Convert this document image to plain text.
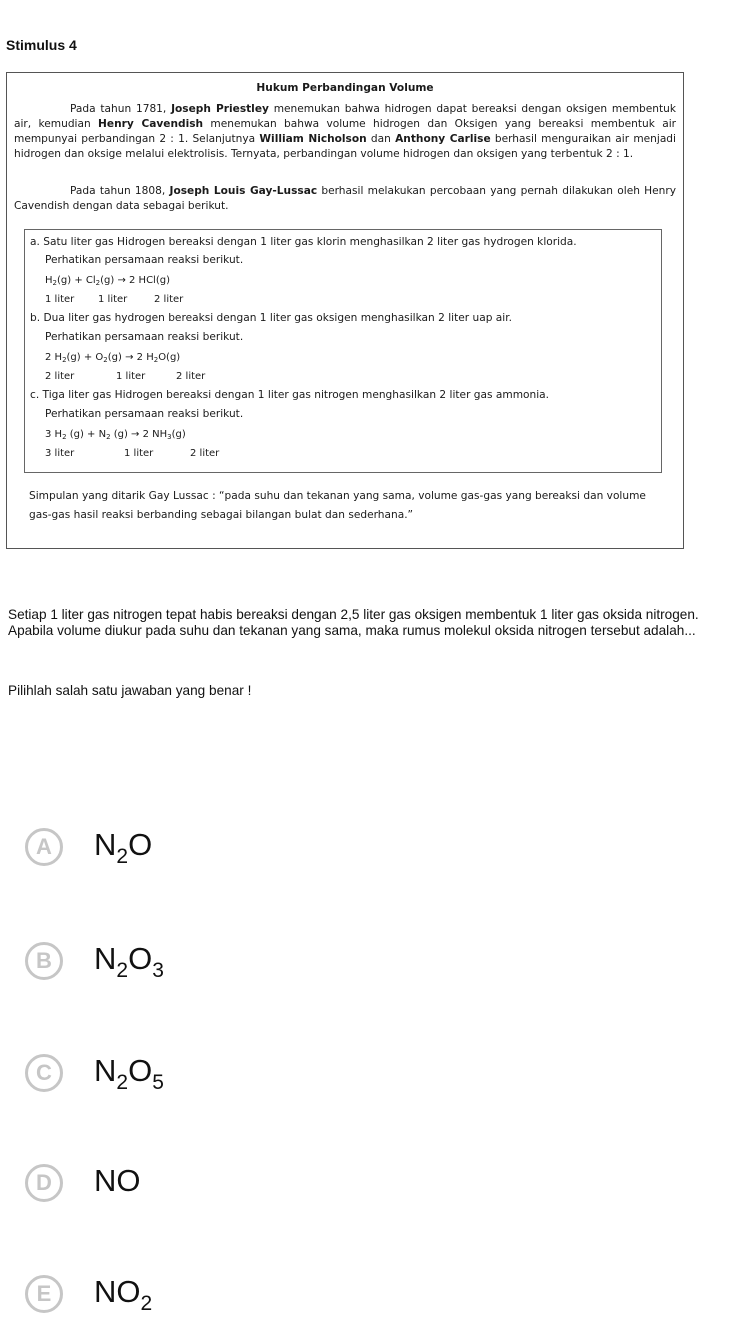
Stimulus 4
Hukum Perbandingan Volume
Pada tahun 1781, Joseph Priestley menemukan bahwa hidrogen dapat bereaksi dengan oksigen membentuk air, kemudian Henry Cavendish menemukan bahwa volume hidrogen dan Oksigen yang bereaksi membentuk air mempunyai perbandingan 2 : 1. Selanjutnya William Nicholson dan Anthony Carlise berhasil menguraikan air menjadi hidrogen dan oksige melalui elektrolisis. Ternyata, perbandingan volume hidrogen dan oksigen yang terbentuk 2 : 1.
Pada tahun 1808, Joseph Louis Gay-Lussac berhasil melakukan percobaan yang pernah dilakukan oleh Henry Cavendish dengan data sebagai berikut.
a. Satu liter gas Hidrogen bereaksi dengan 1 liter gas klorin menghasilkan 2 liter gas hydrogen klorida.
Perhatikan persamaan reaksi berikut.
$H_2(g) + Cl_2(g) \to 2$ HCl(g)
1 liter 1 liter	2 liter
b. Dua liter gas hydrogen bereaksi dengan 1 liter gas oksigen menghasilkan 2 liter uap air.
Perhatikan persamaan reaksi berikut.
2 $H_2(g) + O_2(g) \to 2$ $H_2O(g)$
2 liter	1 liter	2 liter
c. Tiga liter gas Hidrogen bereaksi dengan 1 liter gas nitrogen menghasilkan 2 liter gas ammonia.
Perhatikan persamaan reaksi berikut.
3 $H_2$ $(g) + N_2$ (g) → 2 $NH_3(g)$
3 liter	1 liter	2 liter
Simpulan yang ditarik Gay Lussac : “pada suhu dan tekanan yang sama, volume gas-gas yang bereaksi dan volume gas-gas hasil reaksi berbanding sebagai bilangan bulat dan sederhana.”

Setiap 1 liter gas nitrogen tepat habis bereaksi dengan 2,5 liter gas oksigen membentuk 1 liter gas oksida nitrogen. Apabila volume diukur pada suhu dan tekanan yang sama, maka rumus molekul oksida nitrogen tersebut adalah...

Pilihlah salah satu jawaban yang benar !
A	$N_2O$
B	$N_2O_3$
C	$N_2O_5$
D	NO
E	$NO_2$
